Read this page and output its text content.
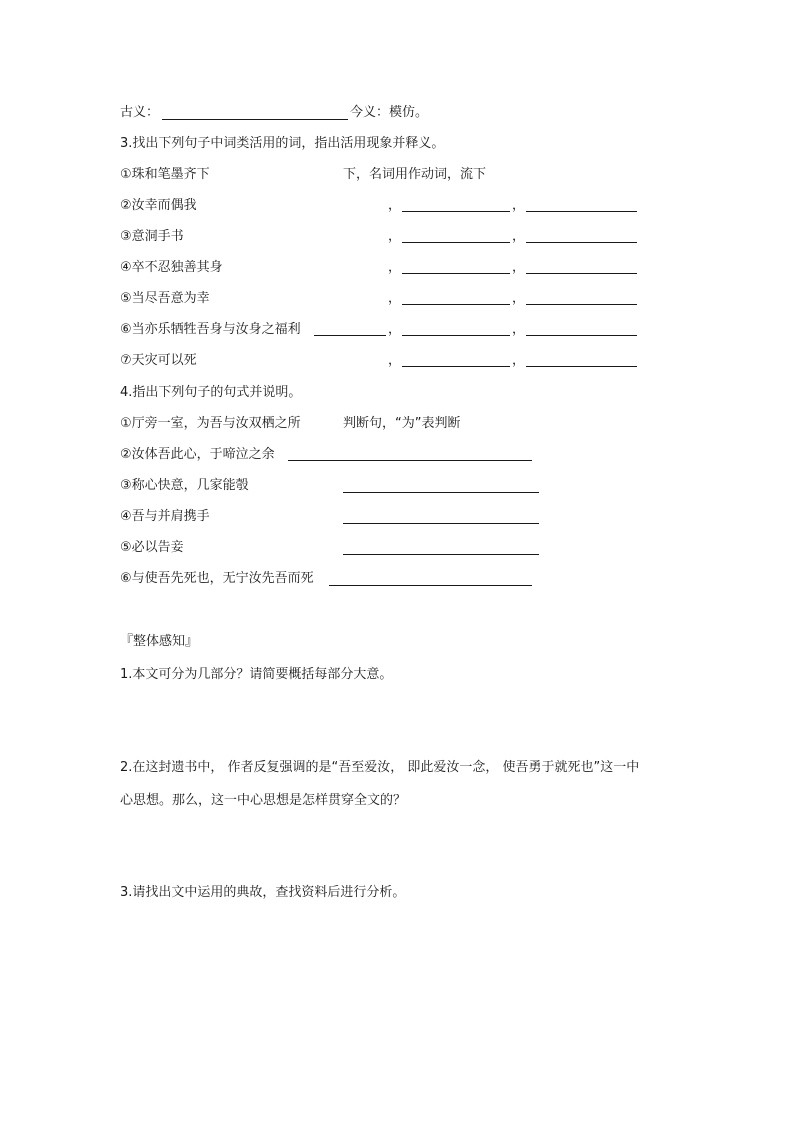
古义：	今义：模仿。
3.找出下列句子中词类活用的词，指出活用现象并释义。
①珠和笔墨齐下	下，名词用作动词，流下
②汝幸而偶我	，	，
③意洞手书	，	，
④卒不忍独善其身	，	，
⑤当尽吾意为幸	，	，
⑥当亦乐牺牲吾身与汝身之福利	，	，
⑦天灾可以死	，	，
4.指出下列句子的句式并说明。
①厅旁一室，为吾与汝双栖之所	判断句，“为”表判断
②汝体吾此心，于啼泣之余
③称心快意，几家能彀
④吾与并肩携手
⑤必以告妾
⑥与使吾先死也，无宁汝先吾而死
『整体感知』
1.本文可分为几部分？请简要概括每部分大意。
2.在这封遗书中， 作者反复强调的是“吾至爱汝， 即此爱汝一念， 使吾勇于就死也”这一中
心思想。那么，这一中心思想是怎样贯穿全文的？
3.请找出文中运用的典故，查找资料后进行分析。
